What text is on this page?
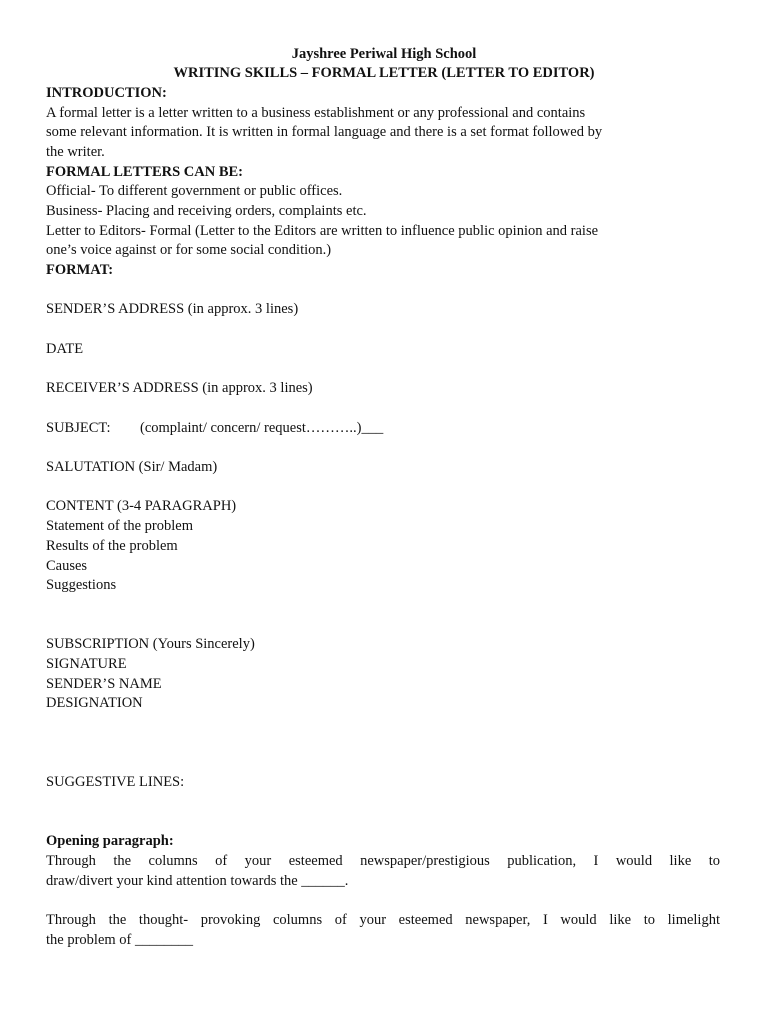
Jayshree Periwal High School
WRITING SKILLS – FORMAL LETTER (LETTER TO EDITOR)
INTRODUCTION:
A formal letter is a letter written to a business establishment or any professional and contains
some relevant information. It is written in formal language and there is a set format followed by
the writer.
FORMAL LETTERS CAN BE:
Official- To different government or public offices.
Business- Placing and receiving orders, complaints etc.
Letter to Editors- Formal (Letter to the Editors are written to influence public opinion and raise
one’s voice against or for some social condition.)
FORMAT:
SENDER’S ADDRESS (in approx. 3 lines)
DATE
RECEIVER’S ADDRESS (in approx. 3 lines)
SUBJECT: (complaint/ concern/ request………..)___
SALUTATION (Sir/ Madam)
CONTENT (3-4 PARAGRAPH)
Statement of the problem
Results of the problem
Causes
Suggestions
SUBSCRIPTION (Yours Sincerely)
SIGNATURE
SENDER’S NAME
DESIGNATION
SUGGESTIVE LINES:
Opening paragraph:
Through the columns of your esteemed newspaper/prestigious publication, I would like to
draw/divert your kind attention towards the ______.
Through the thought- provoking columns of your esteemed newspaper, I would like to limelight
the problem of ________
